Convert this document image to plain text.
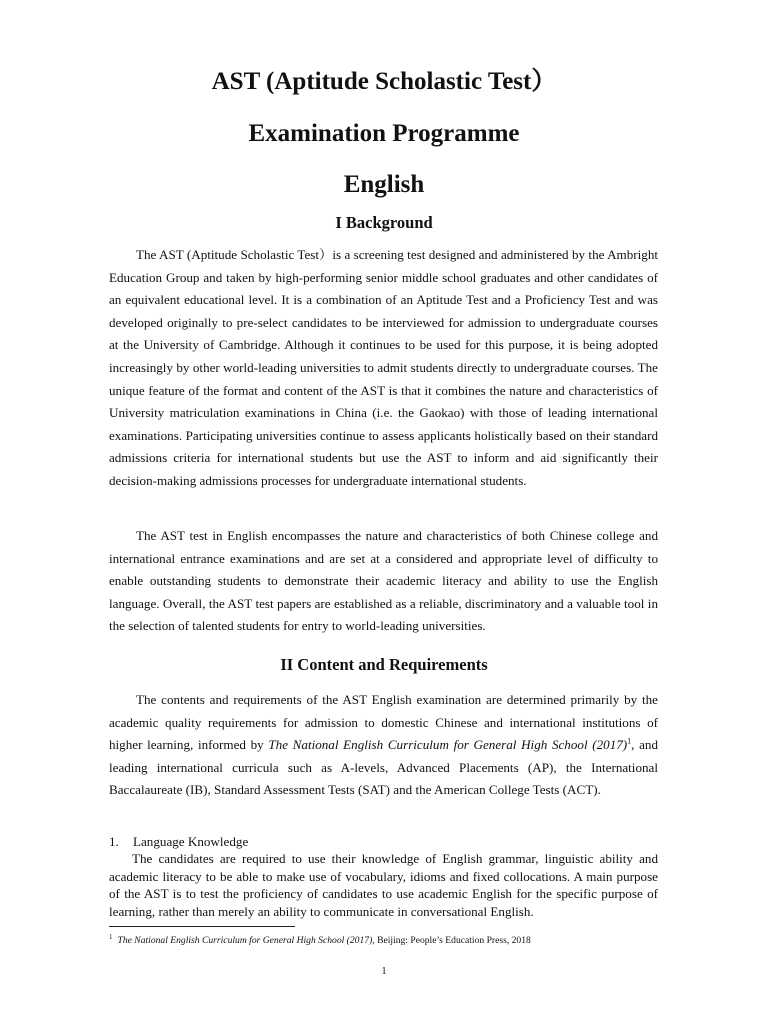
AST (Aptitude Scholastic Test）
Examination Programme
English
I Background

The AST (Aptitude Scholastic Test）is a screening test designed and administered by the Ambright Education Group and taken by high-performing senior middle school graduates and other candidates of an equivalent educational level. It is a combination of an Aptitude Test and a Proficiency Test and was developed originally to pre-select candidates to be interviewed for admission to undergraduate courses at the University of Cambridge. Although it continues to be used for this purpose, it is being adopted increasingly by other world-leading universities to admit students directly to undergraduate courses. The unique feature of the format and content of the AST is that it combines the nature and characteristics of University matriculation examinations in China (i.e. the Gaokao) with those of leading international examinations. Participating universities continue to assess applicants holistically based on their standard admissions criteria for international students but use the AST to inform and aid significantly their decision-making admissions processes for undergraduate international students.

The AST test in English encompasses the nature and characteristics of both Chinese college and international entrance examinations and are set at a considered and appropriate level of difficulty to enable outstanding students to demonstrate their academic literacy and ability to use the English language. Overall, the AST test papers are established as a reliable, discriminatory and a valuable tool in the selection of talented students for entry to world-leading universities.

II Content and Requirements

The contents and requirements of the AST English examination are determined primarily by the academic quality requirements for admission to domestic Chinese and international institutions of higher learning, informed by The National English Curriculum for General High School $(2017)^1$, and leading international curricula such as A-levels, Advanced Placements (AP), the International Baccalaureate (IB), Standard Assessment Tests (SAT) and the American College Tests (ACT).

1. Language Knowledge

The candidates are required to use their knowledge of English grammar, linguistic ability and academic literacy to be able to make use of vocabulary, idioms and fixed collocations. A main purpose of the AST is to test the proficiency of candidates to use academic English for the specific purpose of learning, rather than merely an ability to communicate in conversational English.

$^1$ The National English Curriculum for General High School (2017), Beijing: People’s Education Press, 2018

1
